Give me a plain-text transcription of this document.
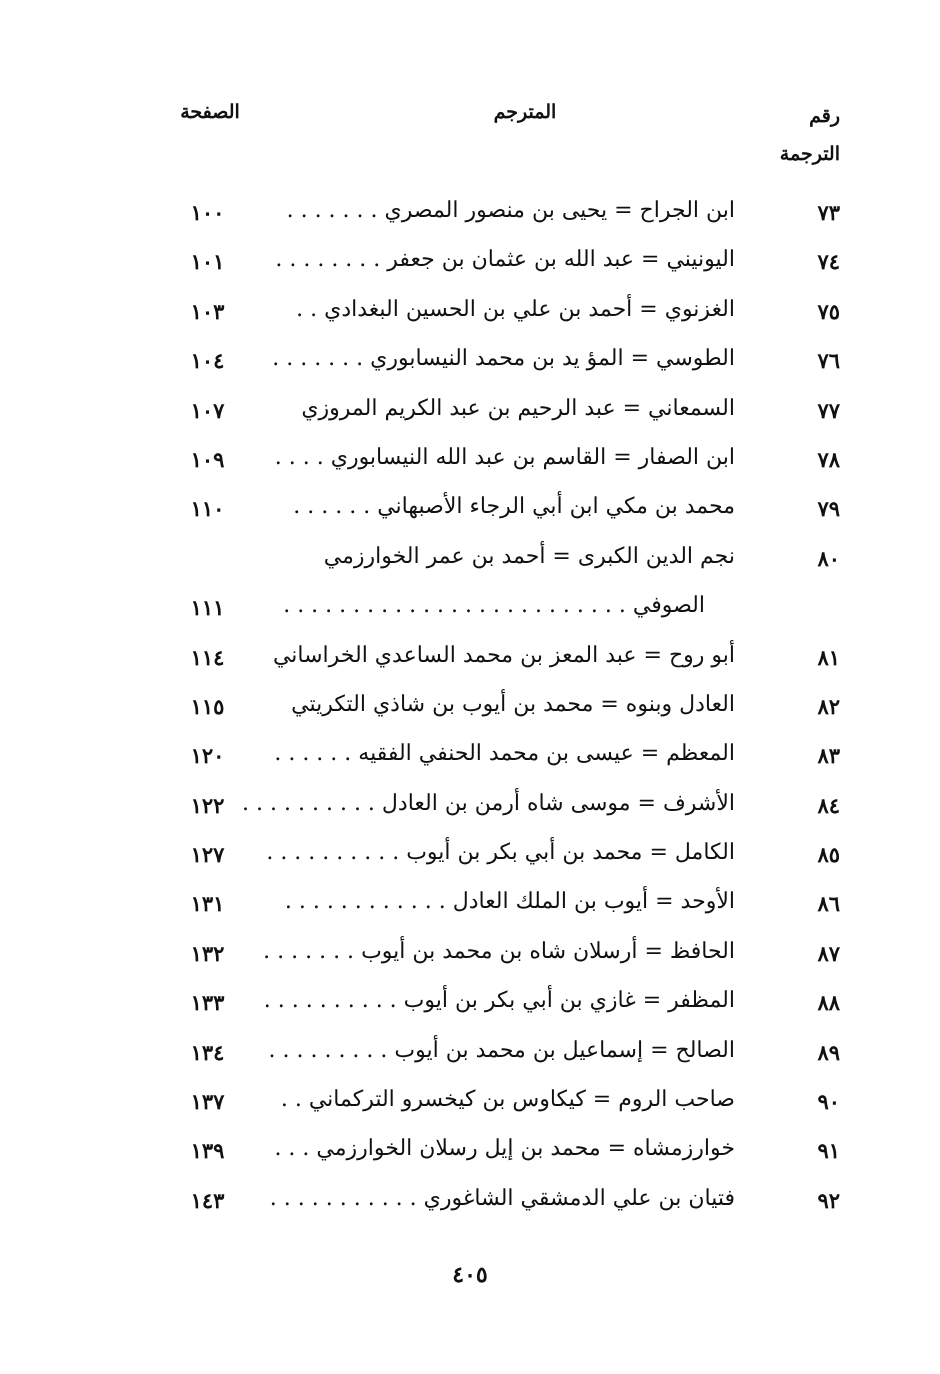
رقم
الترجمة
المترجم
الصفحة
٧٣
ابن الجراح = يحيى بن منصور المصري . . . . . . .
١٠٠
٧٤
اليونيني = عبد الله بن عثمان بن جعفر . . . . . . . .
١٠١
٧٥
الغزنوي = أحمد بن علي بن الحسين البغدادي . .
١٠٣
٧٦
الطوسي = المؤ يد بن محمد النيسابوري . . . . . . .
١٠٤
٧٧
السمعاني = عبد الرحيم بن عبد الكريم المروزي
١٠٧
٧٨
ابن الصفار = القاسم بن عبد الله النيسابوري . . . .
١٠٩
٧٩
محمد بن مكي ابن أبي الرجاء الأصبهاني . . . . . .
١١٠
٨٠
نجم الدين الكبرى = أحمد بن عمر الخوارزمي
الصوفي . . . . . . . . . . . . . . . . . . . . . . . . .
١١١
٨١
أبو روح = عبد المعز بن محمد الساعدي الخراساني
١١٤
٨٢
العادل وبنوه = محمد بن أيوب بن شاذي التكريتي
١١٥
٨٣
المعظم = عيسى بن محمد الحنفي الفقيه . . . . . .
١٢٠
٨٤
الأشرف = موسى شاه أرمن بن العادل . . . . . . . . . .
١٢٢
٨٥
الكامل = محمد بن أبي بكر بن أيوب . . . . . . . . . .
١٢٧
٨٦
الأوحد = أيوب بن الملك العادل . . . . . . . . . . . .
١٣١
٨٧
الحافظ = أرسلان شاه بن محمد بن أيوب . . . . . . .
١٣٢
٨٨
المظفر = غازي بن أبي بكر بن أيوب . . . . . . . . . .
١٣٣
٨٩
الصالح = إسماعيل بن محمد بن أيوب . . . . . . . . .
١٣٤
٩٠
صاحب الروم = كيكاوس بن كيخسرو التركماني . .
١٣٧
٩١
خوارزمشاه = محمد بن إيل رسلان الخوارزمي . . .
١٣٩
٩٢
فتيان بن علي الدمشقي الشاغوري . . . . . . . . . . .
١٤٣
٤٠٥
